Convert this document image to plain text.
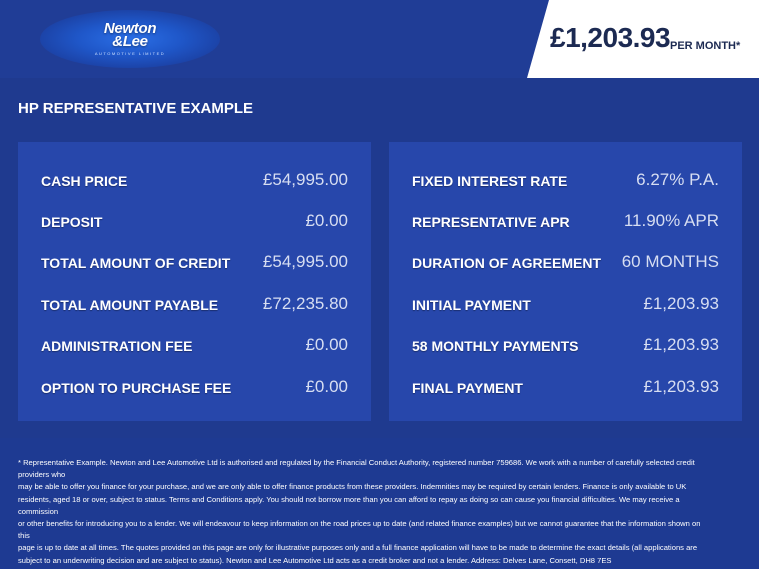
Newton
&Lee
AUTOMOTIVE LIMITED
£1,203.93 PER MONTH*
HP REPRESENTATIVE EXAMPLE
CASH PRICE	£54,995.00
DEPOSIT	£0.00
TOTAL AMOUNT OF CREDIT £54,995.00
TOTAL AMOUNT PAYABLE	£72,235.80
ADMINISTRATION FEE	£0.00
OPTION TO PURCHASE FEE	£0.00
FIXED INTEREST RATE	6.27% P.A.
REPRESENTATIVE APR	11.90% APR
DURATION OF AGREEMENT 60 MONTHS
INITIAL PAYMENT	£1,203.93
58 MONTHLY PAYMENTS	£1,203.93
FINAL PAYMENT	£1,203.93
* Representative Example. Newton and Lee Automotive Ltd is authorised and regulated by the Financial Conduct Authority, registered number 759686. We work with a number of carefully selected credit providers who
may be able to offer you finance for your purchase, and we are only able to offer finance products from these providers. Indemnities may be required by certain lenders. Finance is only available to UK
residents, aged 18 or over, subject to status. Terms and Conditions apply. You should not borrow more than you can afford to repay as doing so can cause you financial difficulties. We may receive a commission
or other benefits for introducing you to a lender. We will endeavour to keep information on the road prices up to date (and related finance examples) but we cannot guarantee that the information shown on this
page is up to date at all times. The quotes provided on this page are only for illustrative purposes only and a full finance application will have to be made to determine the exact details (all applications are
subject to an underwriting decision and are subject to status). Newton and Lee Automotive Ltd acts as a credit broker and not a lender. Address: Delves Lane, Consett, DH8 7ES
